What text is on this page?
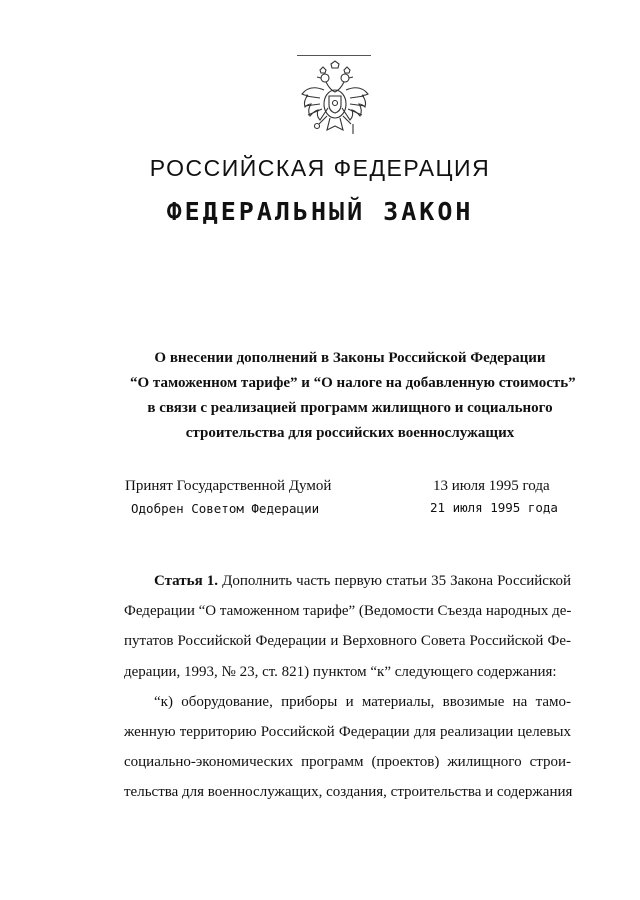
РОССИЙСКАЯ ФЕДЕРАЦИЯ
ФЕДЕРАЛЬНЫЙ ЗАКОН
О внесении дополнений в Законы Российской Федерации
“О таможенном тарифе” и “О налоге на добавленную стоимость”
в связи с реализацией программ жилищного и социального
строительства для российских военнослужащих
Принят Государственной Думой	13 июля 1995 года
Одобрен Советом Федерации	21 июля 1995 года

Статья 1. Дополнить часть первую статьи 35 Закона Российской
Федерации “О таможенном тарифе” (Ведомости Съезда народных де-
путатов Российской Федерации и Верховного Совета Российской Фе-
дерации, 1993, № 23, ст. 821) пунктом “к” следующего содержания:

“к) оборудование, приборы и материалы, ввозимые на тамо-
женную территорию Российской Федерации для реализации целевых
социально-экономических программ (проектов) жилищного строи-
тельства для военнослужащих, создания, строительства и содержания
